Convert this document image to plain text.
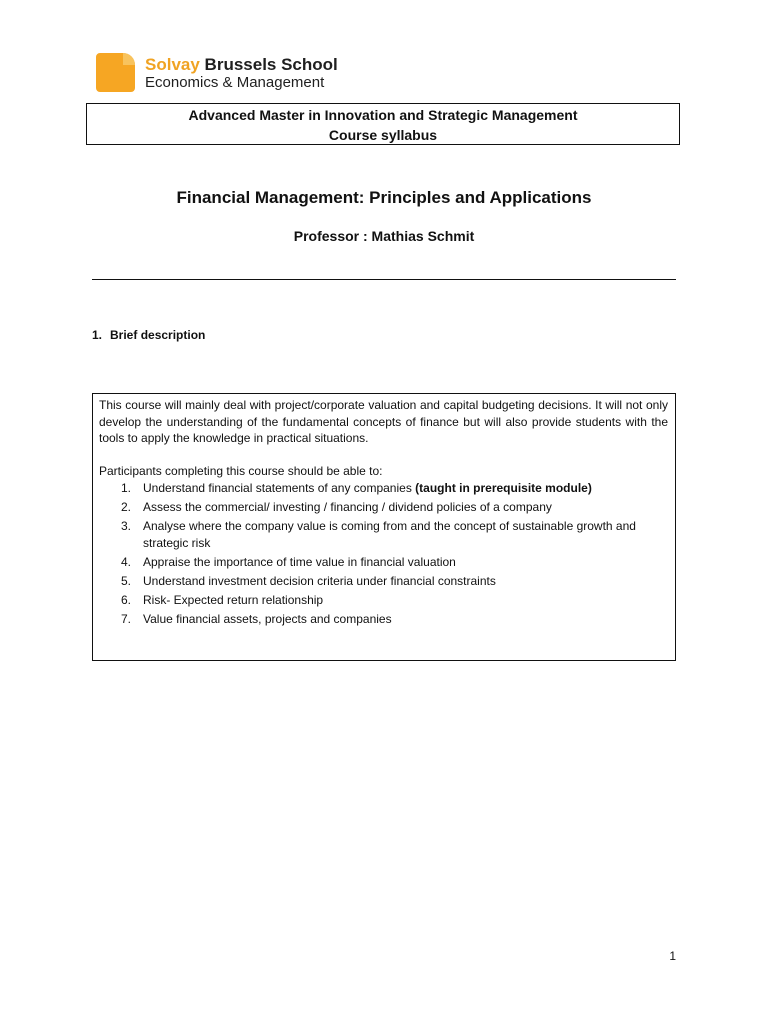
Solvay Brussels School
Economics & Management
Advanced Master in Innovation and Strategic Management
Course syllabus
Financial Management: Principles and Applications
Professor : Mathias Schmit
1. Brief description

This course will mainly deal with project/corporate valuation and capital budgeting decisions. It will not only develop the understanding of the fundamental concepts of finance but will also provide students with the tools to apply the knowledge in practical situations.

Participants completing this course should be able to:

1. Understand financial statements of any companies (taught in prerequisite module)
2. Assess the commercial/ investing / financing / dividend policies of a company
3. Analyse where the company value is coming from and the concept of sustainable growth and strategic risk
4. Appraise the importance of time value in financial valuation
5. Understand investment decision criteria under financial constraints
6. Risk- Expected return relationship
7. Value financial assets, projects and companies
1
